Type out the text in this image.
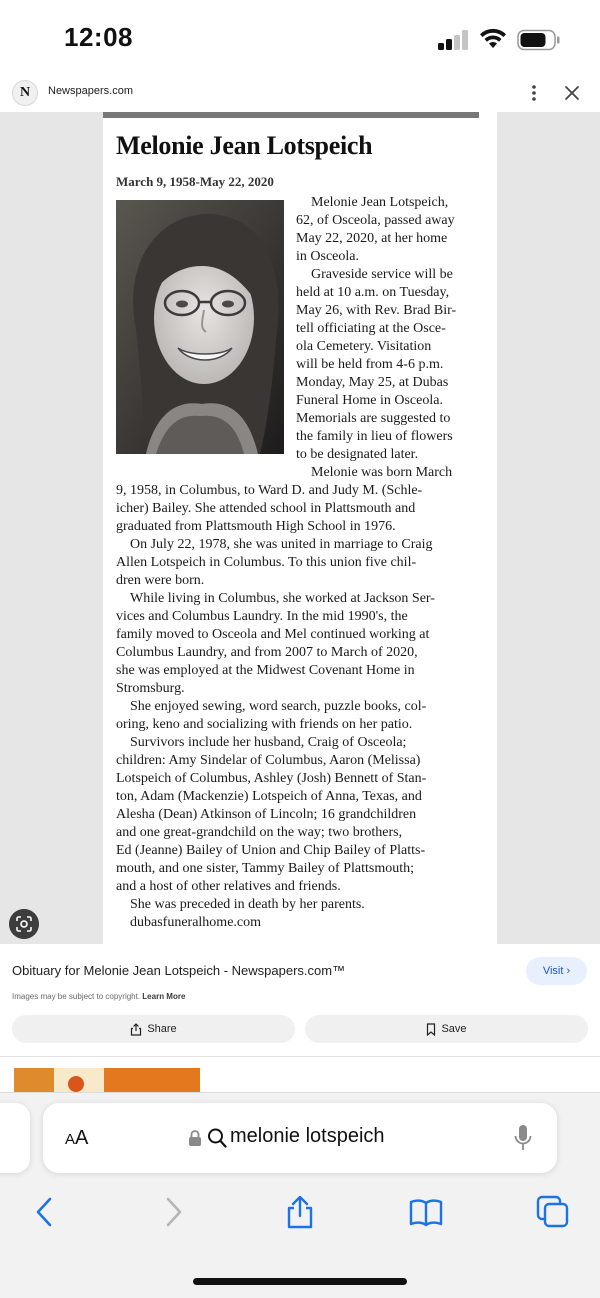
12:08
N	Newspapers.com
Melonie Jean Lotspeich
March 9, 1958-May 22, 2020
Melonie Jean Lotspeich,
62, of Osceola, passed away
May 22, 2020, at her home
in Osceola.
Graveside service will be
held at 10 a.m. on Tuesday,
May 26, with Rev. Brad Bir-
tell officiating at the Osce-
ola Cemetery. Visitation
will be held from 4-6 p.m.
Monday, May 25, at Dubas
Funeral Home in Osceola.
Memorials are suggested to
the family in lieu of flowers
to be designated later.
Melonie was born March
9, 1958, in Columbus, to Ward D. and Judy M. (Schle-
icher) Bailey. She attended school in Plattsmouth and
graduated from Plattsmouth High School in 1976.
On July 22, 1978, she was united in marriage to Craig
Allen Lotspeich in Columbus. To this union five chil-
dren were born.
While living in Columbus, she worked at Jackson Ser-
vices and Columbus Laundry. In the mid 1990's, the
family moved to Osceola and Mel continued working at
Columbus Laundry, and from 2007 to March of 2020,
she was employed at the Midwest Covenant Home in
Stromsburg.
She enjoyed sewing, word search, puzzle books, col-
oring, keno and socializing with friends on her patio.
Survivors include her husband, Craig of Osceola;
children: Amy Sindelar of Columbus, Aaron (Melissa)
Lotspeich of Columbus, Ashley (Josh) Bennett of Stan-
ton, Adam (Mackenzie) Lotspeich of Anna, Texas, and
Alesha (Dean) Atkinson of Lincoln; 16 grandchildren
and one great-grandchild on the way; two brothers,
Ed (Jeanne) Bailey of Union and Chip Bailey of Platts-
mouth, and one sister, Tammy Bailey of Plattsmouth;
and a host of other relatives and friends.
She was preceded in death by her parents.
dubasfuneralhome.com
Obituary for Melonie Jean Lotspeich - Newspapers.com™	Visit ›
Images may be subject to copyright. Learn More
Share	Save
AA	melonie lotspeich
